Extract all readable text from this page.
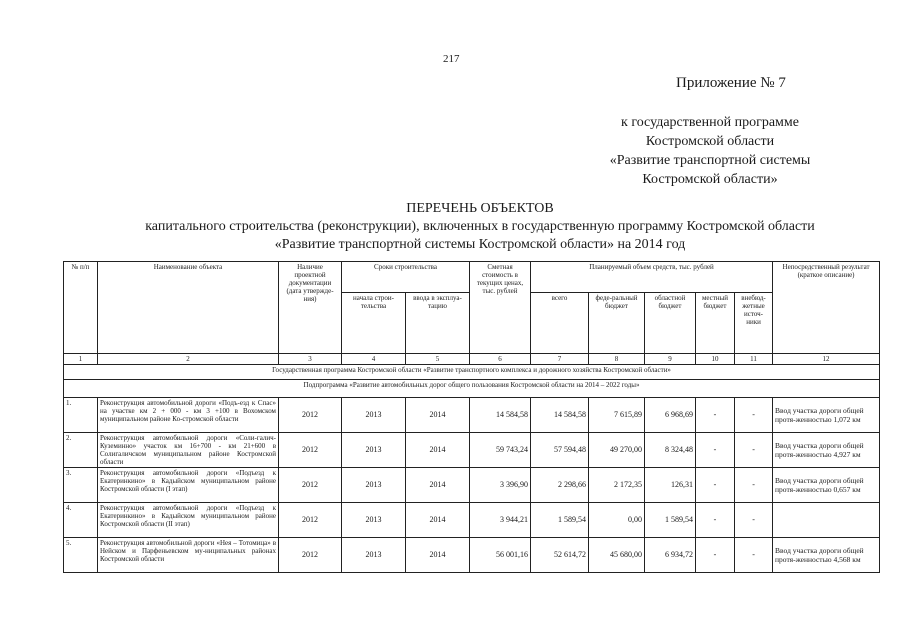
217
Приложение № 7
к государственной программе
Костромской области
«Развитие транспортной системы
Костромской области»
ПЕРЕЧЕНЬ ОБЪЕКТОВ
капитального строительства (реконструкции), включенных в государственную программу Костромской области
«Развитие транспортной системы Костромской области» на 2014 год
№ п/п	Наименование объекта	Наличие проектной документации (дата утвержде-ния)	Сроки строительства		Сметная стоимость в текущих ценах, тыс. рублей	Планируемый объем средств, тыс. рублей					Непосредственный результат (краткое описание)
			начала строи-тельства	ввода в эксплуа-тацию		всего	феде-ральный бюджет	областной бюджет	местный бюджет	внебюд-жетные источ-ники	
1	2	3	4	5	6	7	8	9	10	11	12
Государственная программа Костромской области «Развитие транспортного комплекса и дорожного хозяйства Костромской области»											
Подпрограмма «Развитие автомобильных дорог общего пользования Костромской области на 2014 – 2022 годы»											
1.	Реконструкция автомобильной дороги «Подъ-езд к Спас» на участке км 2 + 000 - км 3 +100 в Вохомском муниципальном районе Ко-стромской области	2012	2013	2014	14 584,58	14 584,58	7 615,89	6 968,69	-	-	Ввод участка дороги общей протя-женностью 1,072 км
2.	Реконструкция автомобильной дороги «Соли-галич-Куземинно» участок км 16+700 - км 21+600 в Солигаличском муниципальном районе Костромской области	2012	2013	2014	59 743,24	57 594,48	49 270,00	8 324,48	-	-	Ввод участка дороги общей протя-женностью 4,927 км
3.	Реконструкция автомобильной дороги «Подъезд к Екатеринкино» в Кадыйском муниципальном районе Костромской области (I этап)	2012	2013	2014	3 396,90	2 298,66	2 172,35	126,31	-	-	Ввод участка дороги общей протя-женностью 0,657 км
4.	Реконструкция автомобильной дороги «Подъезд к Екатеринкино» в Кадыйском муниципальном районе Костромской области (II этап)	2012	2013	2014	3 944,21	1 589,54	0,00	1 589,54	-	-	
5.	Реконструкция автомобильной дороги «Нея – Тотомица» в Нейском и Парфеньевском му-ниципальных районах Костромской области	2012	2013	2014	56 001,16	52 614,72	45 680,00	6 934,72	-	-	Ввод участка дороги общей протя-женностью 4,568 км
